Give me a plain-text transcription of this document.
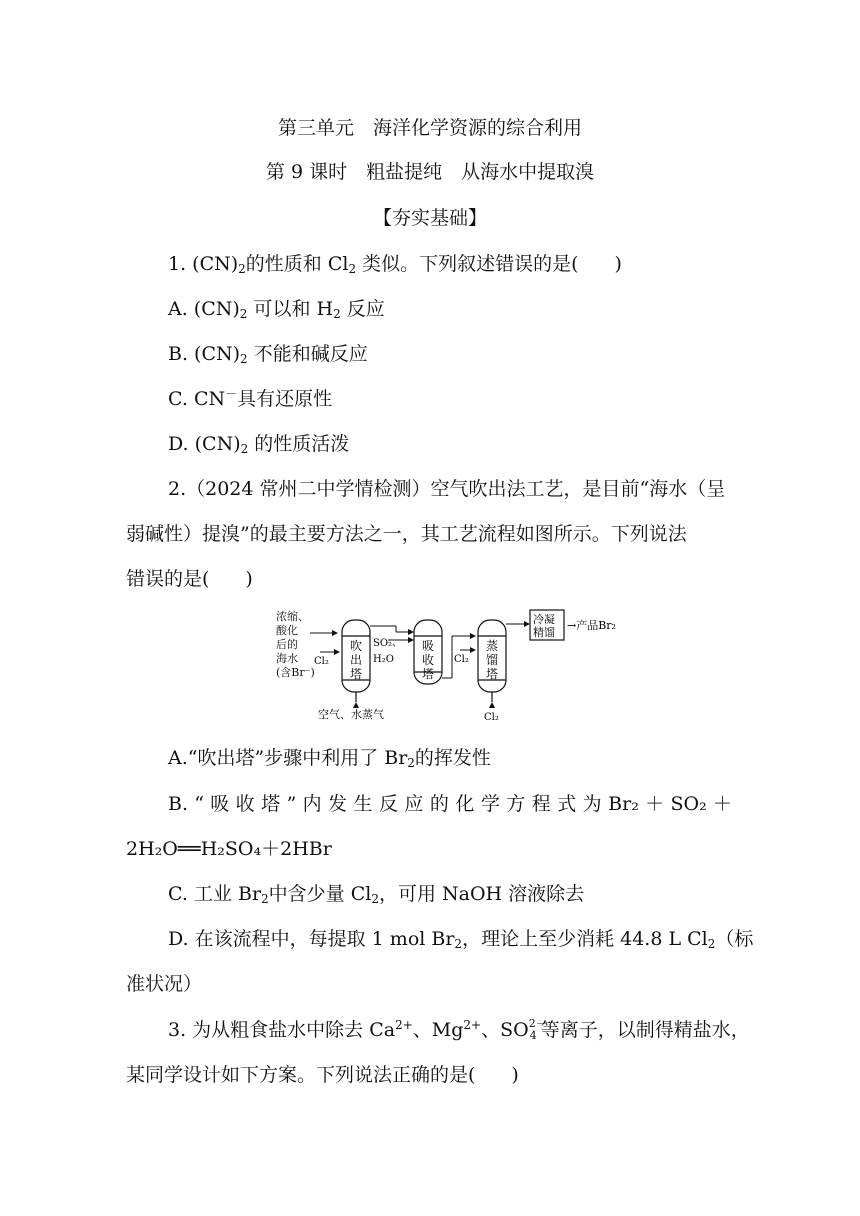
第三单元　海洋化学资源的综合利用
第 9 课时　粗盐提纯　从海水中提取溴
【夯实基础】
1. $(CN)_2$的性质和 $Cl_2$ 类似。下列叙述错误的是( )
A. $(CN)_2$ 可以和 $H_2$ 反应
B. $(CN)_2$ 不能和碱反应
C. CN－具有还原性
D. $(CN)_2$ 的性质活泼
2.（2024 常州二中学情检测）空气吹出法工艺，是目前“海水（呈
弱碱性）提溴”的最主要方法之一，其工艺流程如图所示。下列说法
错误的是( )
浓缩、
酸化
后的
海水
(含Br⁻)
Cl₂
吹
出
塔
空气、水蒸气
SO₂、
H₂O
吸
收
塔
Cl₂
蒸
馏
塔
Cl₂
冷凝
精馏
→产品Br₂
A.“吹出塔”步骤中利用了 $Br_2$的挥发性
B. “ 吸 收 塔 ” 内 发 生 反 应 的 化 学 方 程 式 为 Br₂ ＋ SO₂ ＋
2H₂O══H₂SO₄＋2HBr
C. 工业 $Br_2$中含少量 $Cl_2$，可用 NaOH 溶液除去
D. 在该流程中，每提取 1 mol $Br_2$，理论上至少消耗 44.8 L $Cl_2$（标
准状况）
3. 为从粗食盐水中除去 $Ca^{2+}$、$Mg^{2+}$、SO 2－
4 等离子，以制得精盐水，
某同学设计如下方案。下列说法正确的是( )
